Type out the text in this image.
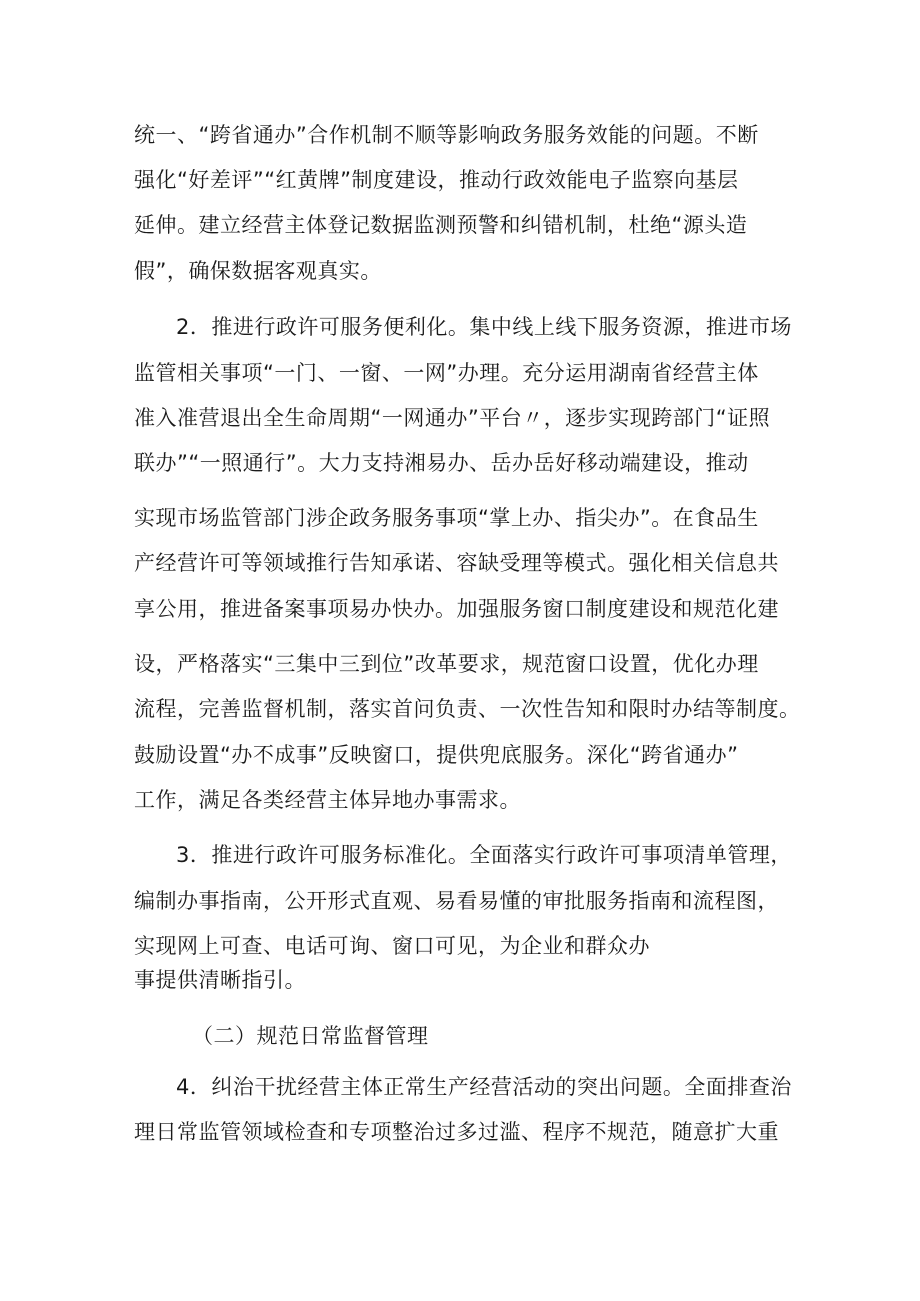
统一、“跨省通办”合作机制不顺等影响政务服务效能的问题。不断
强化“好差评”“红黄牌”制度建设，推动行政效能电子监察向基层
延伸。建立经营主体登记数据监测预警和纠错机制，杜绝“源头造
假”，确保数据客观真实。
2．推进行政许可服务便利化。集中线上线下服务资源，推进市场
监管相关事项“一门、一窗、一网”办理。充分运用湖南省经营主体
准入准营退出全生命周期“一网通办”平台〃，逐步实现跨部门“证照
联办”“一照通行”。大力支持湘易办、岳办岳好移动端建设，推动
实现市场监管部门涉企政务服务事项“掌上办、指尖办”。在食品生
产经营许可等领域推行告知承诺、容缺受理等模式。强化相关信息共
享公用，推进备案事项易办快办。加强服务窗口制度建设和规范化建
设，严格落实“三集中三到位”改革要求，规范窗口设置，优化办理
流程，完善监督机制，落实首问负责、一次性告知和限时办结等制度。
鼓励设置“办不成事”反映窗口，提供兜底服务。深化“跨省通办”
工作，满足各类经营主体异地办事需求。
3．推进行政许可服务标准化。全面落实行政许可事项清单管理，
编制办事指南，公开形式直观、易看易懂的审批服务指南和流程图，
实现网上可查、电话可询、窗口可见，为企业和群众办
事提供清晰指引。
（二）规范日常监督管理
4．纠治干扰经营主体正常生产经营活动的突出问题。全面排查治
理日常监管领域检查和专项整治过多过滥、程序不规范，随意扩大重
